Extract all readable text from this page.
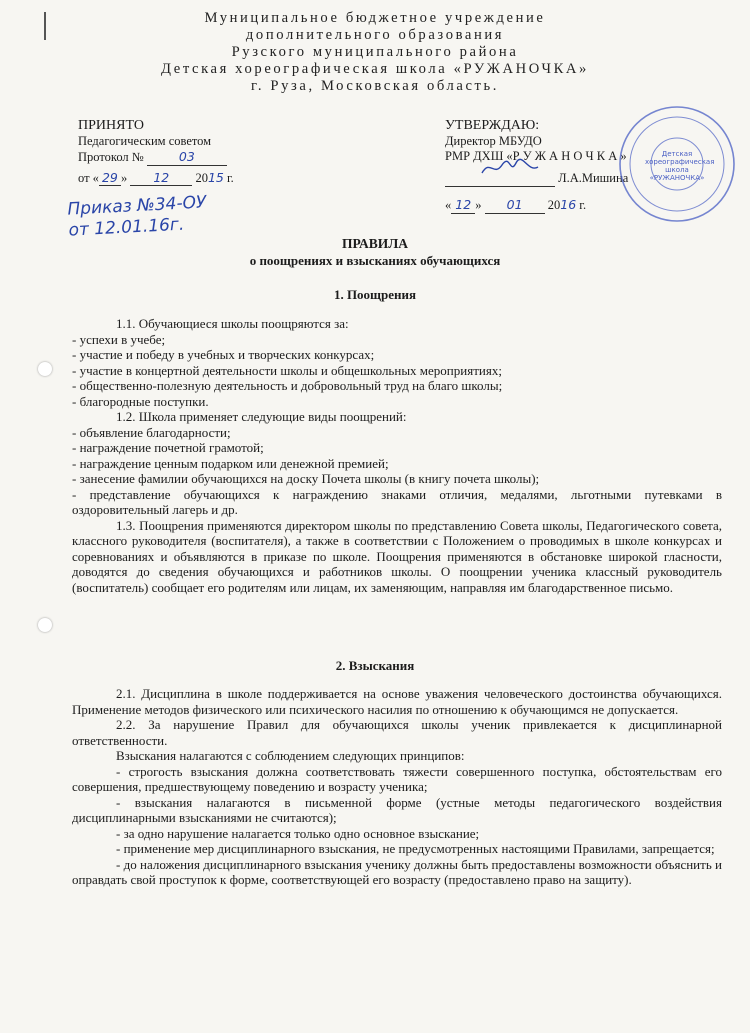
Муниципальное бюджетное учреждение
дополнительного образования
Рузского муниципального района
Детская хореографическая школа «РУЖАНОЧКА»
г. Руза, Московская область.
ПРИНЯТО
Педагогическим советом
Протокол №	03
от « 29 » 12 2015 г.
Приказ №34-ОУ
от 12.01.16г.
УТВЕРЖДАЮ:
Директор МБУДО
РМР ДХШ «Р У Ж А Н О Ч К А »
Л.А.Мишина
« 12 » 01 2016 г.
Детская хореографическая школа «РУЖАНОЧКА»
ПРАВИЛА
о поощрениях и взысканиях обучающихся
1. Поощрения

1.1. Обучающиеся школы поощряются за:

- успехи в учебе;

- участие и победу в учебных и творческих конкурсах;

- участие в концертной деятельности школы и общешкольных мероприятиях;

- общественно-полезную деятельность и добровольный труд на благо школы;

- благородные поступки.

1.2. Школа применяет следующие виды поощрений:

- объявление благодарности;

- награждение почетной грамотой;

- награждение ценным подарком или денежной премией;

- занесение фамилии обучающихся на доску Почета школы (в книгу почета школы);

- представление обучающихся к награждению знаками отличия, медалями, льготными путевками в оздоровительный лагерь и др.

1.3. Поощрения применяются директором школы по представлению Совета школы, Педагогического совета, классного руководителя (воспитателя), а также в соответствии с Положением о проводимых в школе конкурсах и соревнованиях и объявляются в приказе по школе. Поощрения применяются в обстановке широкой гласности, доводятся до сведения обучающихся и работников школы. О поощрении ученика классный руководитель (воспитатель) сообщает его родителям или лицам, их заменяющим, направляя им благодарственное письмо.

2. Взыскания

2.1. Дисциплина в школе поддерживается на основе уважения человеческого достоинства обучающихся. Применение методов физического или психического насилия по отношению к обучающимся не допускается.

2.2. За нарушение Правил для обучающихся школы ученик привлекается к дисциплинарной ответственности.

Взыскания налагаются с соблюдением следующих принципов:

- строгость взыскания должна соответствовать тяжести совершенного поступка, обстоятельствам его совершения, предшествующему поведению и возрасту ученика;

- взыскания налагаются в письменной форме (устные методы педагогического воздействия дисциплинарными взысканиями не считаются);

- за одно нарушение налагается только одно основное взыскание;

- применение мер дисциплинарного взыскания, не предусмотренных настоящими Правилами, запрещается;

- до наложения дисциплинарного взыскания ученику должны быть предоставлены возможности объяснить и оправдать свой проступок к форме, соответствующей его возрасту (предоставлено право на защиту).
